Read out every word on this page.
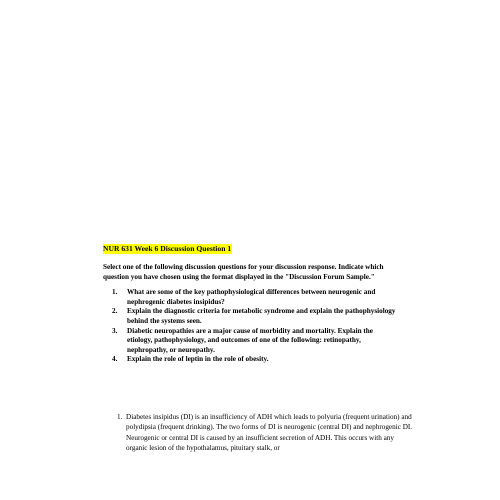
NUR 631 Week 6 Discussion Question 1
Select one of the following discussion questions for your discussion response. Indicate which question you have chosen using the format displayed in the "Discussion Forum Sample."
1. What are some of the key pathophysiological differences between neurogenic and nephrogenic diabetes insipidus?
2. Explain the diagnostic criteria for metabolic syndrome and explain the pathophysiology behind the systems seen.
3. Diabetic neuropathies are a major cause of morbidity and mortality. Explain the etiology, pathophysiology, and outcomes of one of the following: retinopathy, nephropathy, or neuropathy.
4. Explain the role of leptin in the role of obesity.
1. Diabetes insipidus (DI) is an insufficiency of ADH which leads to polyuria (frequent urination) and polydipsia (frequent drinking). The two forms of DI is neurogenic (central DI) and nephrogenic DI. Neurogenic or central DI is caused by an insufficient secretion of ADH. This occurs with any organic lesion of the hypothalamus, pituitary stalk, or
